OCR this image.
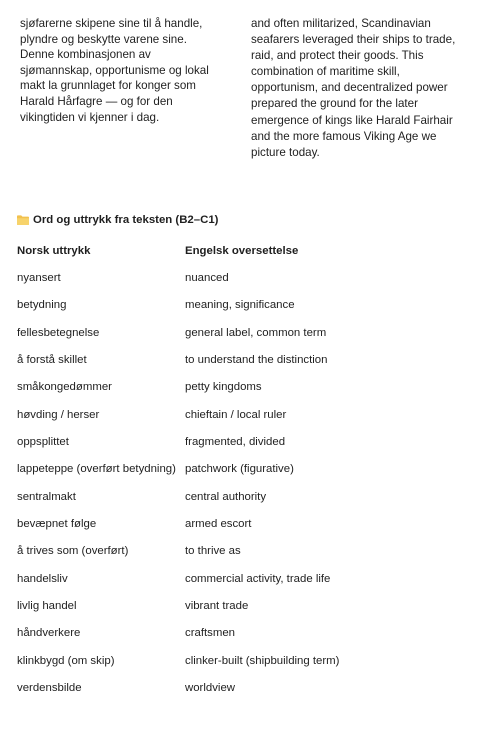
sjøfarerne skipene sine til å handle,

plyndre og beskytte varene sine.

Denne kombinasjonen av

sjømannskap, opportunisme og lokal

makt la grunnlaget for konger som

Harald Hårfagre — og for den

vikingtiden vi kjenner i dag.

and often militarized, Scandinavian

seafarers leveraged their ships to trade,

raid, and protect their goods. This

combination of maritime skill,

opportunism, and decentralized power

prepared the ground for the later

emergence of kings like Harald Fairhair

and the more famous Viking Age we

picture today.

Ord og uttrykk fra teksten (B2–C1)
Norsk uttrykk	Engelsk oversettelse
nyansert	nuanced
betydning	meaning, significance
fellesbetegnelse	general label, common term
å forstå skillet	to understand the distinction
småkongedømmer	petty kingdoms
høvding / herser	chieftain / local ruler
oppsplittet	fragmented, divided
lappeteppe (overført betydning) patchwork (figurative)
sentralmakt	central authority
bevæpnet følge	armed escort
å trives som (overført)	to thrive as
handelsliv	commercial activity, trade life
livlig handel	vibrant trade
håndverkere	craftsmen
klinkbygd (om skip)	clinker-built (shipbuilding term)
verdensbilde	worldview
